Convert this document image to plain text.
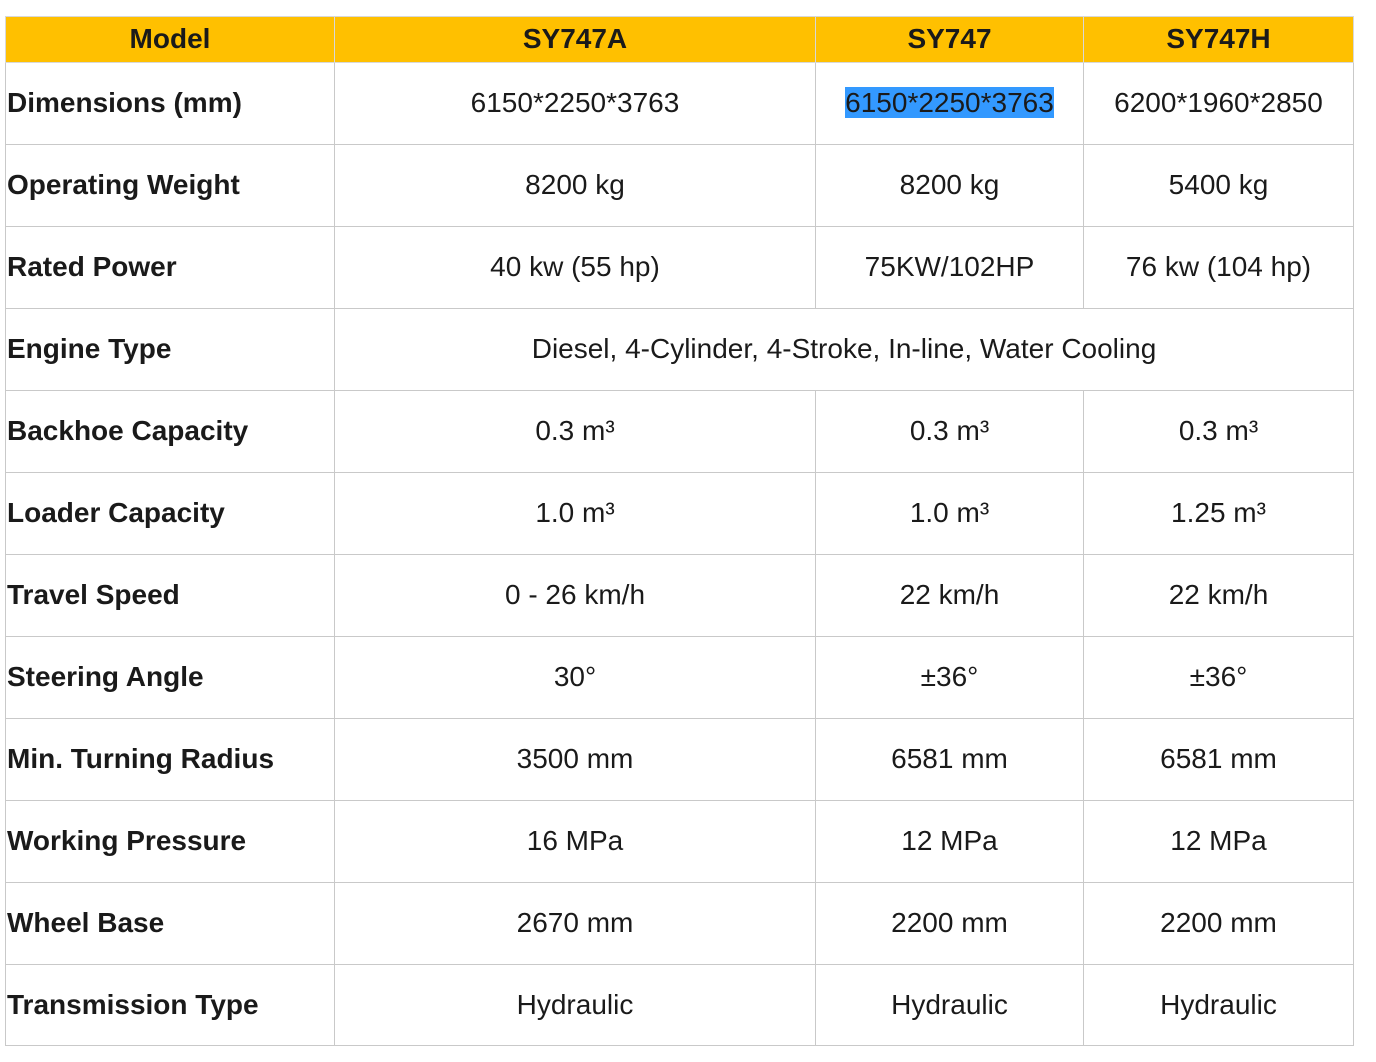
Model	SY747A	SY747	SY747H
Dimensions (mm)	6150*2250*3763	6150*2250*3763	6200*1960*2850
Operating Weight	8200 kg	8200 kg	5400 kg
Rated Power	40 kw (55 hp)	75KW/102HP	76 kw (104 hp)
Engine Type	Diesel, 4-Cylinder, 4-Stroke, In-line, Water Cooling		
Backhoe Capacity	0.3 m³	0.3 m³	0.3 m³
Loader Capacity	1.0 m³	1.0 m³	1.25 m³
Travel Speed	0 - 26 km/h	22 km/h	22 km/h
Steering Angle	30°	±36°	±36°
Min. Turning Radius	3500 mm	6581 mm	6581 mm
Working Pressure	16 MPa	12 MPa	12 MPa
Wheel Base	2670 mm	2200 mm	2200 mm
Transmission Type	Hydraulic	Hydraulic	Hydraulic
